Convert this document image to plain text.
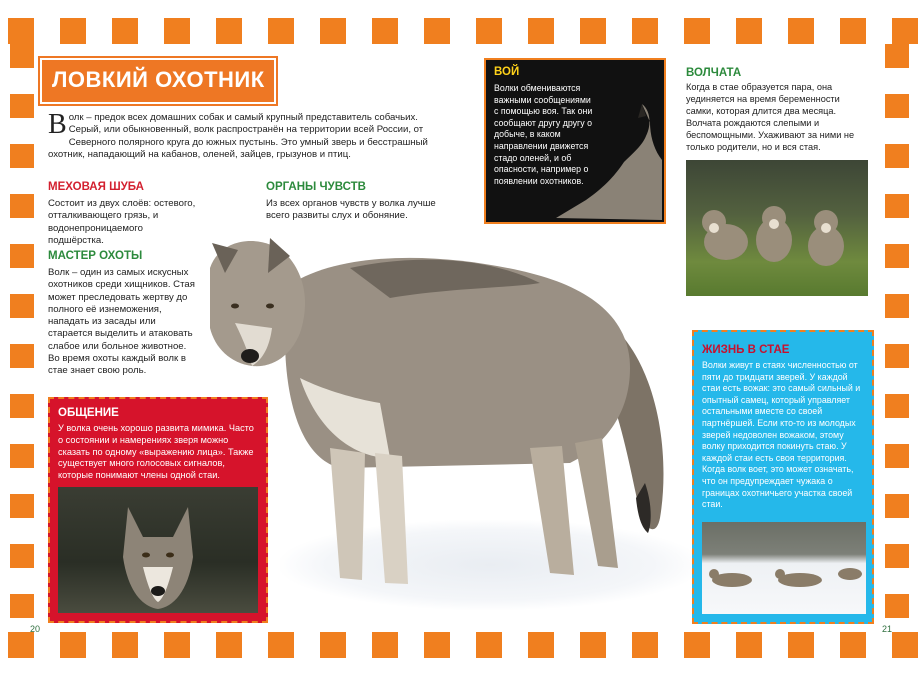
ЛОВКИЙ ОХОТНИК
Волк – предок всех домашних собак и самый крупный представитель собачьих. Серый, или обыкновенный, волк распространён на территории всей России, от Северного полярного круга до южных пустынь. Это умный зверь и бесстрашный охотник, нападающий на кабанов, оленей, зайцев, грызунов и птиц.
МЕХОВАЯ ШУБА
Состоит из двух слоёв: остевого, отталкивающего грязь, и водонепроницаемого подшёрстка.
ОРГАНЫ ЧУВСТВ
Из всех органов чувств у волка лучше всего развиты слух и обоняние.
МАСТЕР ОХОТЫ
Волк – один из самых искусных охотников среди хищников. Стая может преследовать жертву до полного её изнеможения, нападать из засады или старается выделить и атаковать слабое или больное животное. Во время охоты каждый волк в стае знает свою роль.
ОБЩЕНИЕ
У волка очень хорошо развита мимика. Часто о состоянии и намерениях зверя можно сказать по одному «выражению лица». Также существует много голосовых сигналов, которые понимают члены одной стаи.
ВОЙ
Волки обмениваются важными сообщениями с помощью воя. Так они сообщают другу другу о добыче, в каком направлении движется стадо оленей, и об опасности, например о появлении охотников.
ВОЛЧАТА
Когда в стае образуется пара, она уединяется на время беременности самки, которая длится два месяца. Волчата рождаются слепыми и беспомощными. Ухаживают за ними не только родители, но и вся стая.
ЖИЗНЬ В СТАЕ
Волки живут в стаях численностью от пяти до тридцати зверей. У каждой стаи есть вожак: это самый сильный и опытный самец, который управляет остальными вместе со своей партнёршей. Если кто-то из молодых зверей недоволен вожаком, этому волку приходится покинуть стаю. У каждой стаи есть своя территория. Когда волк воет, это может означать, что он предупреждает чужака о границах охотничьего участка своей стаи.
20	21
